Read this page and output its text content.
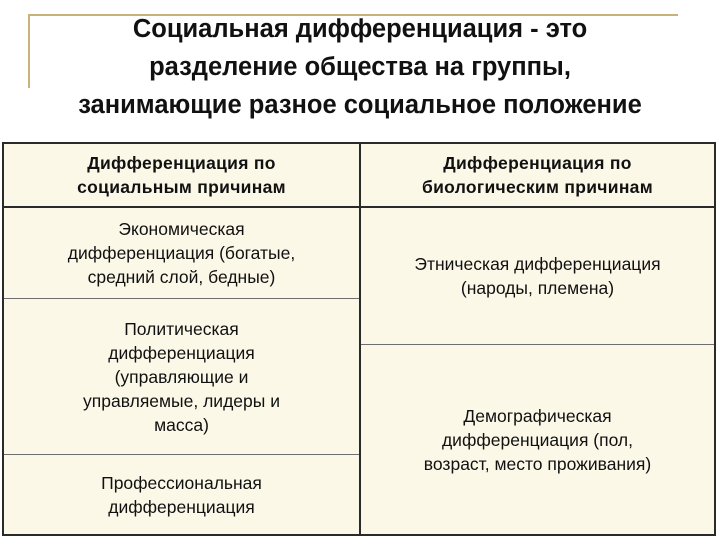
Социальная дифференциация - это
разделение общества на группы,
занимающие разное социальное положение
Дифференциация по
социальным причинам
Дифференциация по
биологическим причинам
Экономическая
дифференциация (богатые,
средний слой, бедные)
Политическая
дифференциация
(управляющие и
управляемые, лидеры и
масса)
Профессиональная
дифференциация
Этническая дифференциация
(народы, племена)
Демографическая
дифференциация (пол,
возраст, место проживания)
